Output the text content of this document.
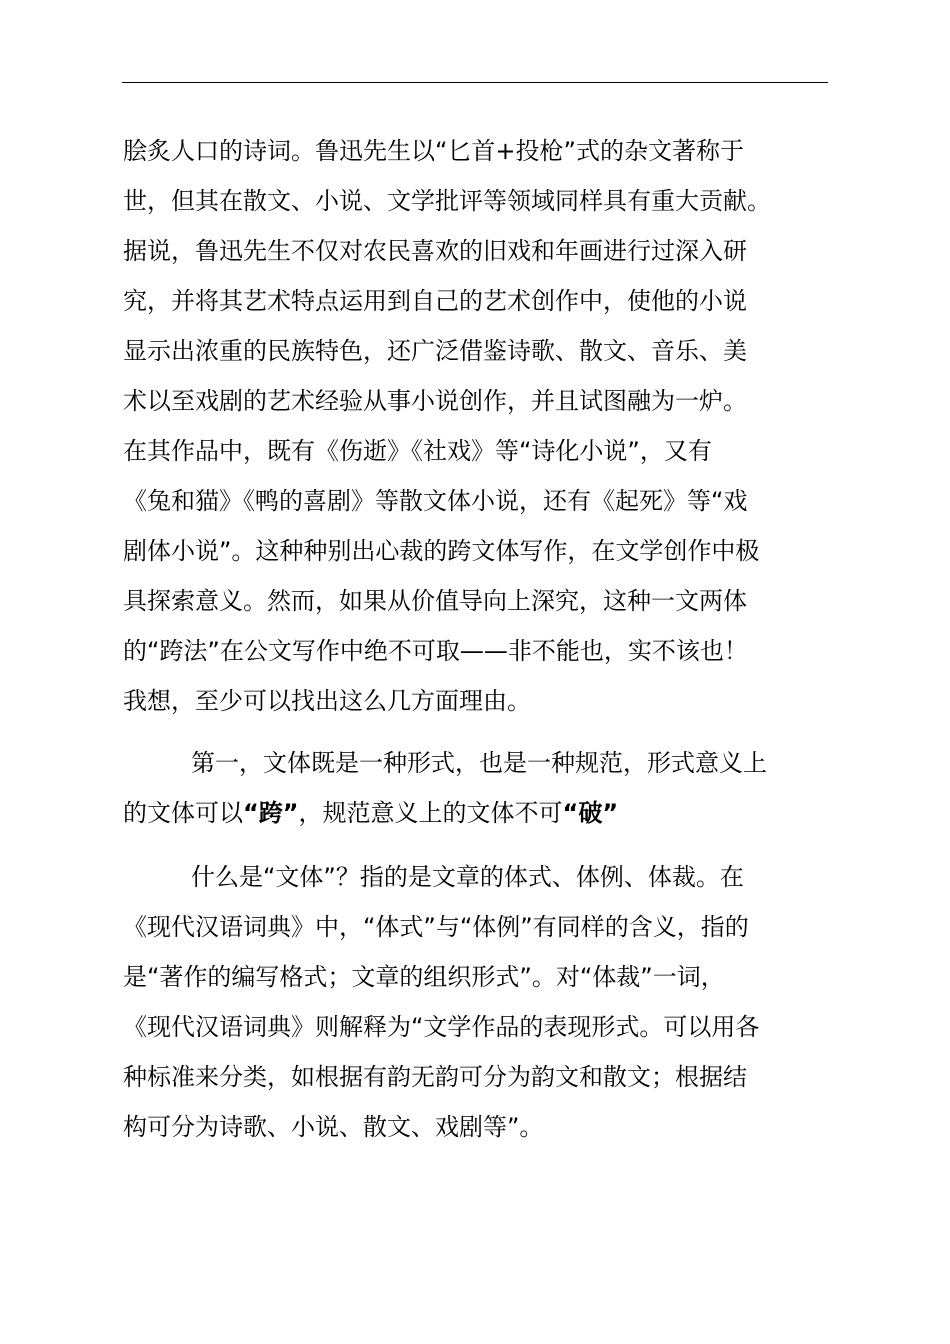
脍炙人口的诗词。鲁迅先生以“匕首+投枪”式的杂文著称于
世，但其在散文、小说、文学批评等领域同样具有重大贡献。
据说，鲁迅先生不仅对农民喜欢的旧戏和年画进行过深入研
究，并将其艺术特点运用到自己的艺术创作中，使他的小说
显示出浓重的民族特色，还广泛借鉴诗歌、散文、音乐、美
术以至戏剧的艺术经验从事小说创作，并且试图融为一炉。
在其作品中，既有《伤逝》《社戏》等“诗化小说”，又有
《兔和猫》《鸭的喜剧》等散文体小说，还有《起死》等“戏
剧体小说”。这种种别出心裁的跨文体写作，在文学创作中极
具探索意义。然而，如果从价值导向上深究，这种一文两体
的“跨法”在公文写作中绝不可取——非不能也，实不该也！
我想，至少可以找出这么几方面理由。
第一，文体既是一种形式，也是一种规范，形式意义上
的文体可以“跨”，规范意义上的文体不可“破”
什么是“文体”？指的是文章的体式、体例、体裁。在
《现代汉语词典》中，“体式”与“体例”有同样的含义，指的
是“著作的编写格式；文章的组织形式”。对“体裁”一词，
《现代汉语词典》则解释为“文学作品的表现形式。可以用各
种标准来分类，如根据有韵无韵可分为韵文和散文；根据结
构可分为诗歌、小说、散文、戏剧等”。
